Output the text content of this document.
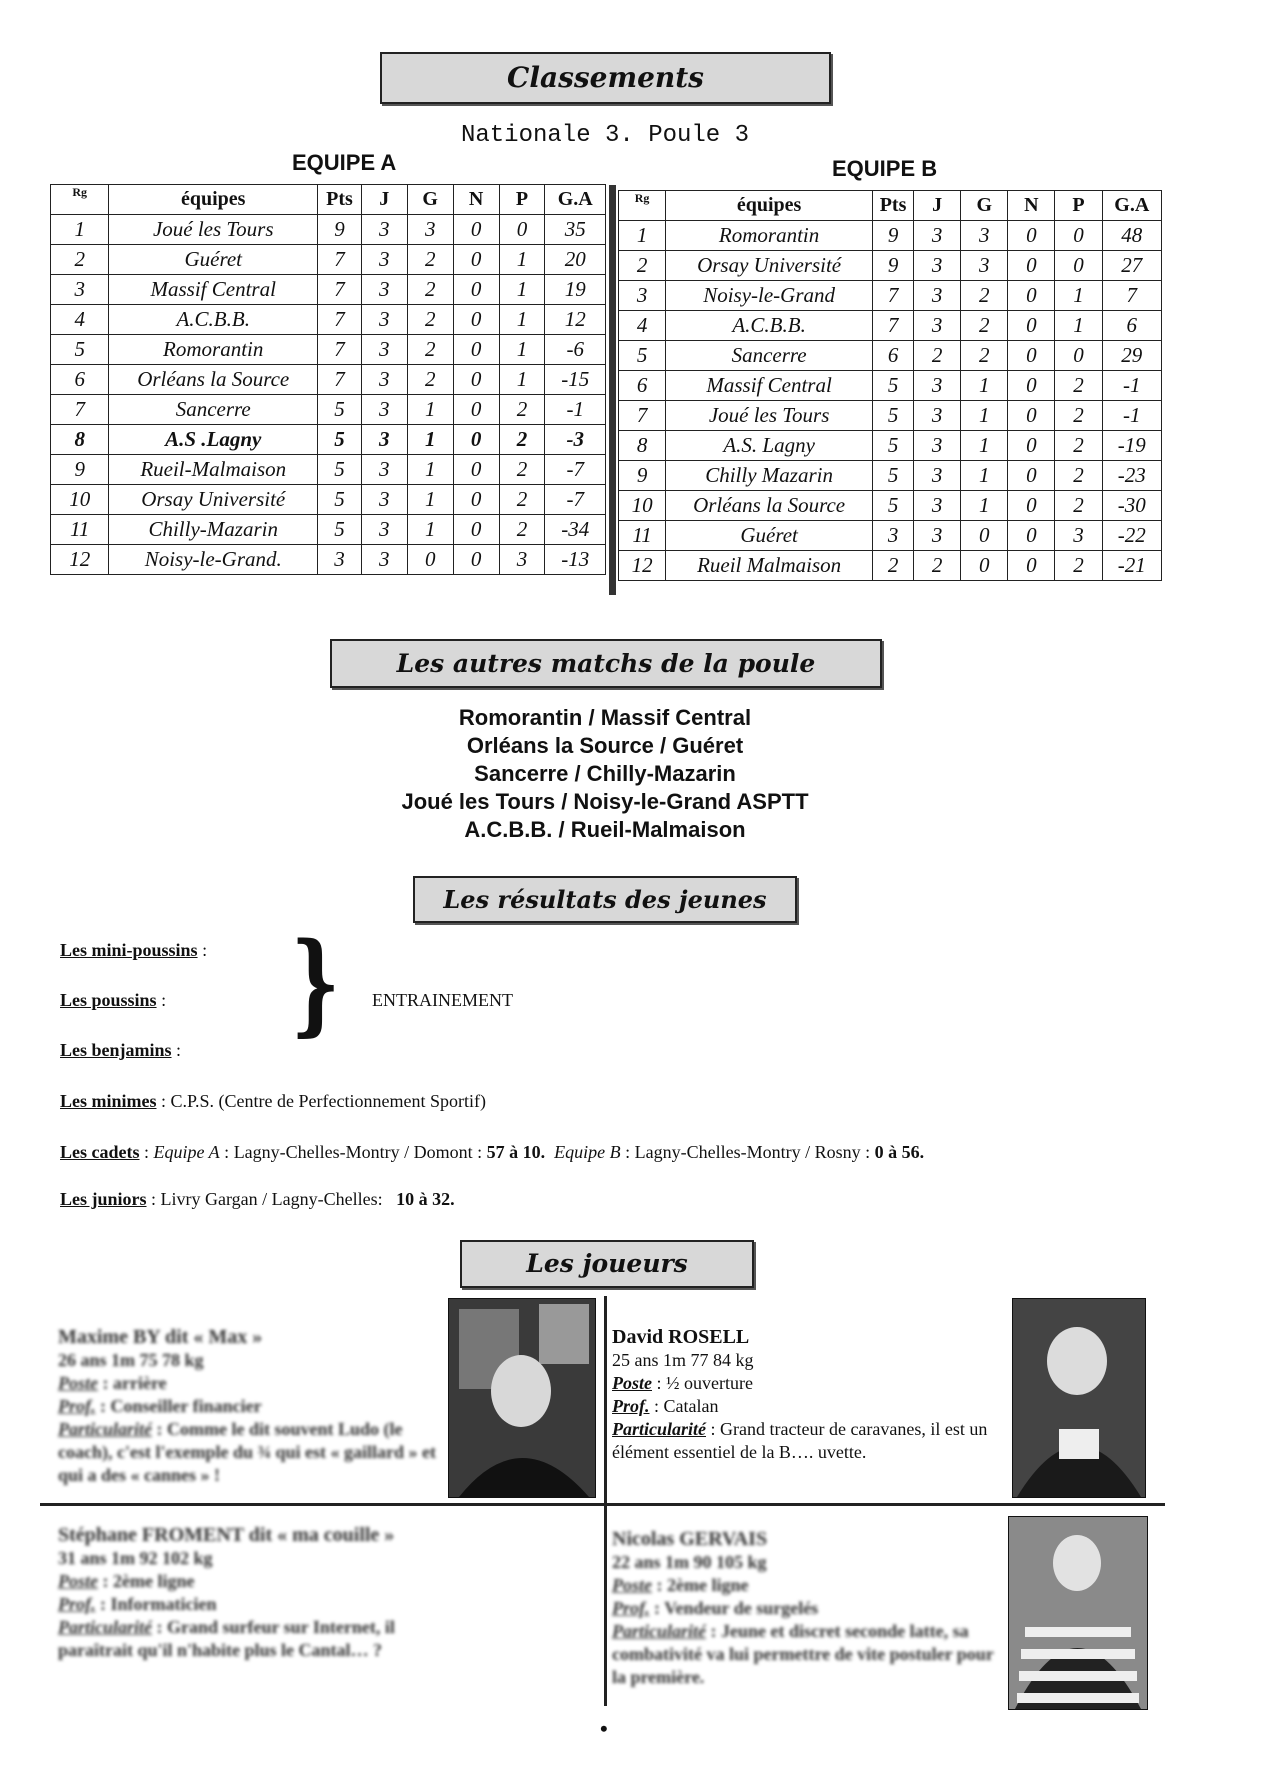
Classements
Nationale 3. Poule 3
EQUIPE A	EQUIPE B
Rg	équipes	Pts	J	G	N	P	G.A
1	Joué les Tours	9	3	3	0	0	35
2	Guéret	7	3	2	0	1	20
3	Massif Central	7	3	2	0	1	19
4	A.C.B.B.	7	3	2	0	1	12
5	Romorantin	7	3	2	0	1	-6
6	Orléans la Source	7	3	2	0	1	-15
7	Sancerre	5	3	1	0	2	-1
8	A.S .Lagny	5	3	1	0	2	-3
9	Rueil-Malmaison	5	3	1	0	2	-7
10	Orsay Université	5	3	1	0	2	-7
11	Chilly-Mazarin	5	3	1	0	2	-34
12	Noisy-le-Grand.	3	3	0	0	3	-13
Rg	équipes	Pts	J	G	N	P	G.A
1	Romorantin	9	3	3	0	0	48
2	Orsay Université	9	3	3	0	0	27
3	Noisy-le-Grand	7	3	2	0	1	7
4	A.C.B.B.	7	3	2	0	1	6
5	Sancerre	6	2	2	0	0	29
6	Massif Central	5	3	1	0	2	-1
7	Joué les Tours	5	3	1	0	2	-1
8	A.S. Lagny	5	3	1	0	2	-19
9	Chilly Mazarin	5	3	1	0	2	-23
10	Orléans la Source	5	3	1	0	2	-30
11	Guéret	3	3	0	0	3	-22
12	Rueil Malmaison	2	2	0	0	2	-21
Les autres matchs de la poule
Romorantin / Massif Central
Orléans la Source / Guéret
Sancerre / Chilly-Mazarin
Joué les Tours / Noisy-le-Grand ASPTT
A.C.B.B. / Rueil-Malmaison
Les résultats des jeunes
Les mini-poussins :
Les poussins :
Les benjamins :
} ENTRAINEMENT
Les minimes : C.P.S. (Centre de Perfectionnement Sportif)
Les cadets : Equipe A : Lagny-Chelles-Montry / Domont : 57 à 10. Equipe B : Lagny-Chelles-Montry / Rosny : 0 à 56.
Les juniors : Livry Gargan / Lagny-Chelles: 10 à 32.
Les joueurs
Maxime BY dit « Max »
26 ans 1m 75 78 kg
Poste : arrière
Prof. : Conseiller financier
Particularité : Comme le dit souvent Ludo (le coach), c'est l'exemple du ¾ qui est « gaillard » et qui a des « cannes » !
David ROSELL
25 ans 1m 77 84 kg
Poste : ½ ouverture
Prof. : Catalan
Particularité : Grand tracteur de caravanes, il est un élément essentiel de la B…. uvette.
Stéphane FROMENT dit « ma couille »
31 ans 1m 92 102 kg
Poste : 2ème ligne
Prof. : Informaticien
Particularité : Grand surfeur sur Internet, il paraîtrait qu'il n'habite plus le Cantal… ?
Nicolas GERVAIS
22 ans 1m 90 105 kg
Poste : 2ème ligne
Prof. : Vendeur de surgelés
Particularité : Jeune et discret seconde latte, sa combativité va lui permettre de vite postuler pour la première.
•
